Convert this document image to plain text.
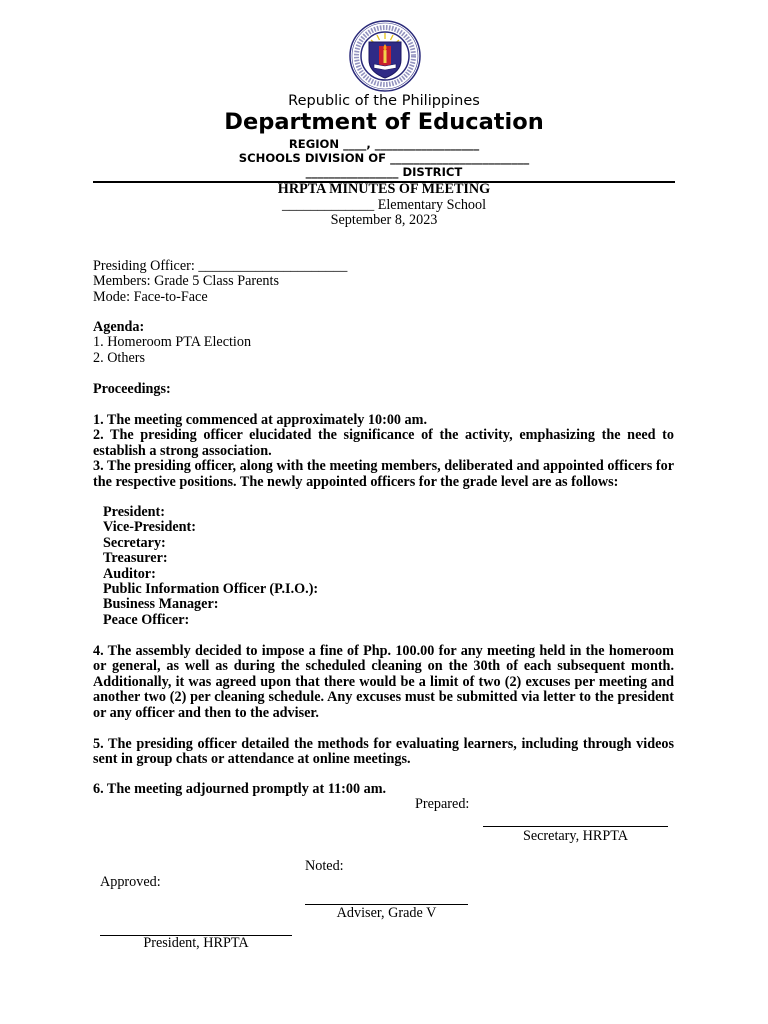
Republic of the Philippines
Department of Education
REGION ____, __________________
SCHOOLS DIVISION OF ________________________
________________ DISTRICT
HRPTA MINUTES OF MEETING
_____________ Elementary School
September 8, 2023
Presiding Officer: _____________________
Members: Grade 5 Class Parents
Mode: Face-to-Face
Agenda:
1. Homeroom PTA Election
2. Others
Proceedings:
1. The meeting commenced at approximately 10:00 am.
2. The presiding officer elucidated the significance of the activity, emphasizing the need to establish a strong association.
3. The presiding officer, along with the meeting members, deliberated and appointed officers for the respective positions. The newly appointed officers for the grade level are as follows:
President:
Vice-President:
Secretary:
Treasurer:
Auditor:
Public Information Officer (P.I.O.):
Business Manager:
Peace Officer:
4. The assembly decided to impose a fine of Php. 100.00 for any meeting held in the homeroom or general, as well as during the scheduled cleaning on the 30th of each subsequent month. Additionally, it was agreed upon that there would be a limit of two (2) excuses per meeting and another two (2) per cleaning schedule. Any excuses must be submitted via letter to the president or any officer and then to the adviser.
5. The presiding officer detailed the methods for evaluating learners, including through videos sent in group chats or attendance at online meetings.
6. The meeting adjourned promptly at 11:00 am.
Prepared:
Secretary, HRPTA
Noted:
Adviser, Grade V
Approved:
President, HRPTA
